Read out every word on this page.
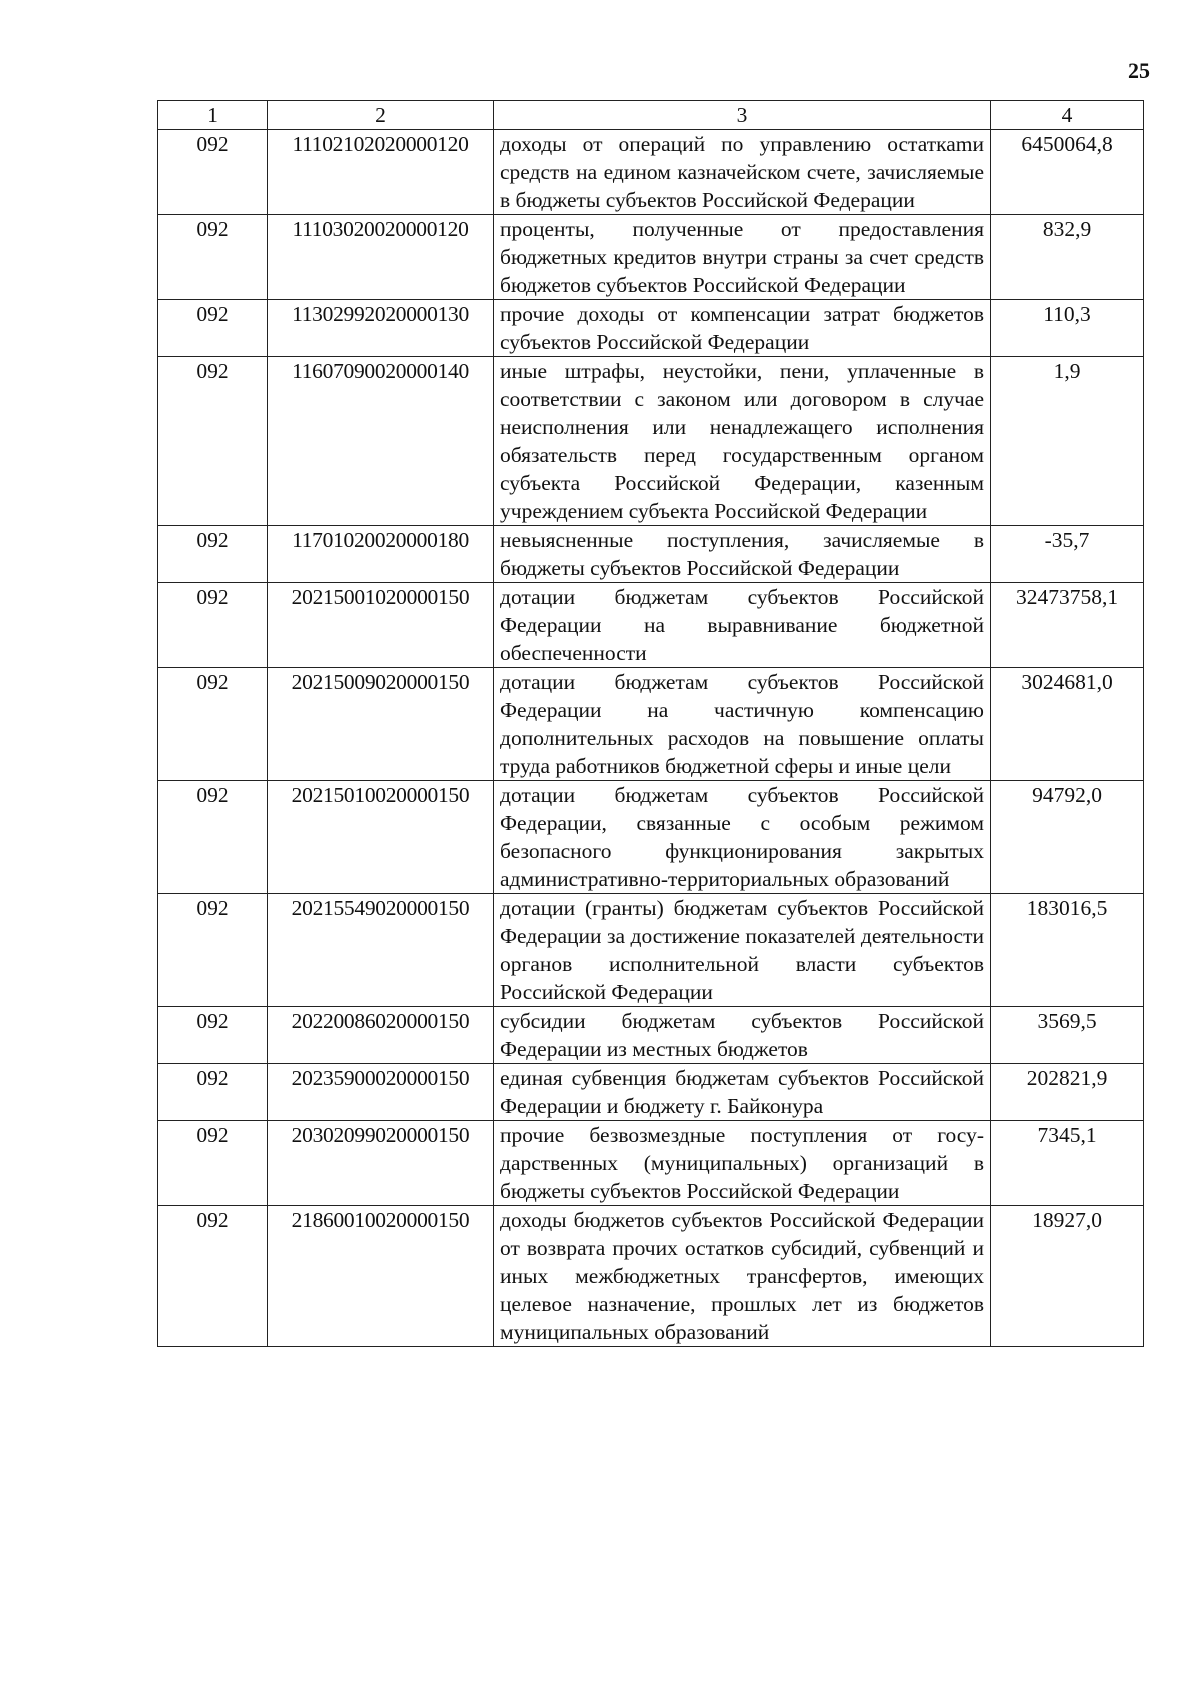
25
1	2	3	4
092	11102102020000120	доходы от операций по управлению остаткаmи средств на едином казначейском счете, зачисляемые в бюджеты субъектов Российской Федерации	6450064,8
092	11103020020000120	проценты, полученные от предоставления бюджетных кредитов внутри страны за счет средств бюджетов субъектов Российской Федерации	832,9
092	11302992020000130	прочие доходы от компенсации затрат бюджетов субъектов Российской Федерации	110,3
092	11607090020000140	иные штрафы, неустойки, пени, уплаченные в соответствии с законом или договором в случае неисполнения или ненадлежащего исполнения обязательств перед государственным органом субъекта Российской Федерации, казенным учреждением субъекта Российской Федерации	1,9
092	11701020020000180	невыясненные поступления, зачисляемые в бюджеты субъектов Российской Федерации	-35,7
092	20215001020000150	дотации бюджетам субъектов Российской Федерации на выравнивание бюджетной обеспеченности	32473758,1
092	20215009020000150	дотации бюджетам субъектов Российской Федерации на частичную компенсацию дополнительных расходов на повышение оплаты труда работников бюджетной сферы и иные цели	3024681,0
092	20215010020000150	дотации бюджетам субъектов Российской Федерации, связанные с особым режимом безопасного функционирования закрытых административно-территориальных образований	94792,0
092	20215549020000150	дотации (гранты) бюджетам субъектов Российской Федерации за достижение показателей деятельности органов исполнительной власти субъектов Российской Федерации	183016,5
092	20220086020000150	субсидии бюджетам субъектов Российской Федерации из местных бюджетов	3569,5
092	20235900020000150	единая субвенция бюджетам субъектов Российской Федерации и бюджету г. Байконура	202821,9
092	20302099020000150	прочие безвозмездные поступления от государственных (муниципальных) организаций в бюджеты субъектов Российской Федерации	7345,1
092	21860010020000150	доходы бюджетов субъектов Российской Федерации от возврата прочих остатков субсидий, субвенций и иных межбюджетных трансфертов, имеющих целевое назначение, прошлых лет из бюджетов муниципальных образований	18927,0
